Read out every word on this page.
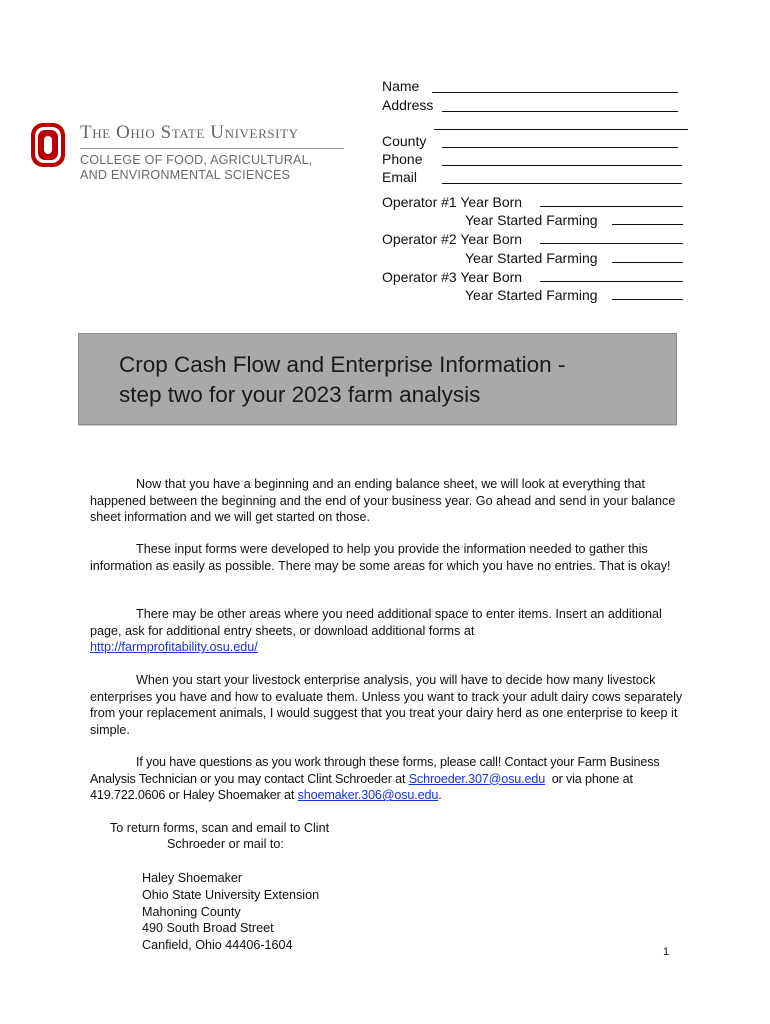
The Ohio State University
COLLEGE OF FOOD, AGRICULTURAL,
AND ENVIRONMENTAL SCIENCES
Name
Address
County
Phone
Email
Operator #1 Year Born
Year Started Farming
Operator #2 Year Born
Year Started Farming
Operator #3 Year Born
Year Started Farming
Crop Cash Flow and Enterprise Information -
step two for your 2023 farm analysis
Now that you have a beginning and an ending balance sheet, we will look at everything that happened between the beginning and the end of your business year. Go ahead and send in your balance sheet information and we will get started on those.
These input forms were developed to help you provide the information needed to gather this information as easily as possible. There may be some areas for which you have no entries. That is okay!
There may be other areas where you need additional space to enter items. Insert an additional page, ask for additional entry sheets, or download additional forms at
http://farmprofitability.osu.edu/
When you start your livestock enterprise analysis, you will have to decide how many livestock enterprises you have and how to evaluate them. Unless you want to track your adult dairy cows separately from your replacement animals, I would suggest that you treat your dairy herd as one enterprise to keep it simple.
If you have questions as you work through these forms, please call! Contact your Farm Business Analysis Technician or you may contact Clint Schroeder at Schroeder.307@osu.edu or via phone at 419.722.0606 or Haley Shoemaker at shoemaker.306@osu.edu.
To return forms, scan and email to Clint
Schroeder or mail to:
Haley Shoemaker
Ohio State University Extension
Mahoning County
490 South Broad Street
Canfield, Ohio 44406-1604	1
